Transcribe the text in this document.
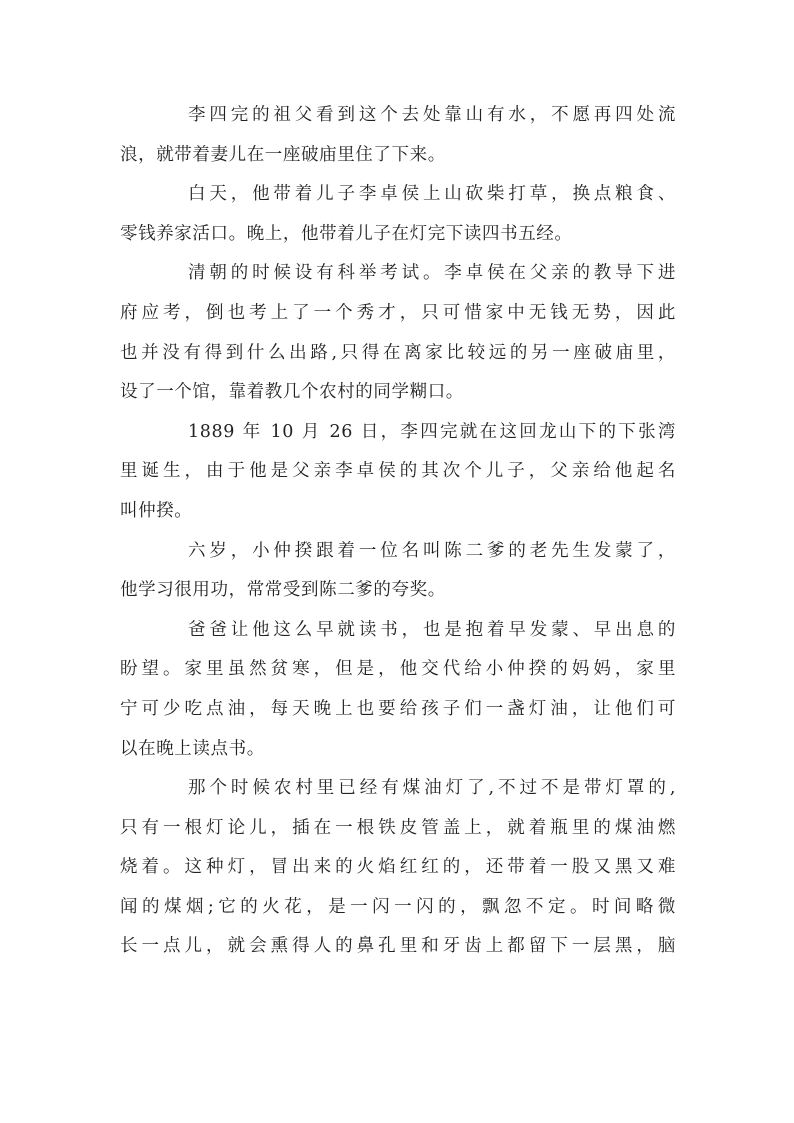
李四完的祖父看到这个去处靠山有水，不愿再四处流
浪，就带着妻儿在一座破庙里住了下来。
白天，他带着儿子李卓侯上山砍柴打草，换点粮食、
零钱养家活口。晚上，他带着儿子在灯完下读四书五经。
清朝的时候设有科举考试。李卓侯在父亲的教导下进
府应考，倒也考上了一个秀才，只可惜家中无钱无势，因此
也并没有得到什么出路,只得在离家比较远的另一座破庙里，
设了一个馆，靠着教几个农村的同学糊口。
1889 年 10 月 26 日，李四完就在这回龙山下的下张湾
里诞生，由于他是父亲李卓侯的其次个儿子，父亲给他起名
叫仲揆。
六岁，小仲揆跟着一位名叫陈二爹的老先生发蒙了，
他学习很用功，常常受到陈二爹的夸奖。
爸爸让他这么早就读书，也是抱着早发蒙、早出息的
盼望。家里虽然贫寒，但是，他交代给小仲揆的妈妈，家里
宁可少吃点油，每天晚上也要给孩子们一盏灯油，让他们可
以在晚上读点书。
那个时候农村里已经有煤油灯了,不过不是带灯罩的,
只有一根灯论儿，插在一根铁皮管盖上，就着瓶里的煤油燃
烧着。这种灯，冒出来的火焰红红的，还带着一股又黑又难
闻的煤烟;它的火花，是一闪一闪的，飘忽不定。时间略微
长一点儿，就会熏得人的鼻孔里和牙齿上都留下一层黑，脑
